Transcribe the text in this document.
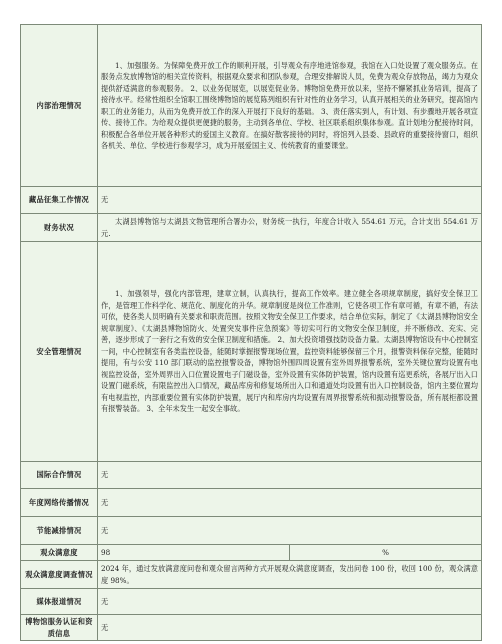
内部治理情况	1、加强服务。为保障免费开放工作的顺利开展，引导观众有序地进馆参观，我馆在入口处设置了观众服务点。在服务点发放博物馆的相关宣传资料，根据观众要求和团队参观，合理安排解说人员，免费为观众存放物品，竭力为观众提供舒适满意的参观服务。 2、以业务促展览，以展览促业务。博物馆免费开放以来，坚持不懈紧抓业务培训，提高了接待水平。经常性组织全馆职工围绕博物馆的展览陈列组织有针对性的业务学习，认真开展相关的业务研究，提高馆内职工的业务能力，从而为免费开放工作的深入开展打下良好的基础。 3、责任落实到人，有计划、有步骤地开展各项宣传、接待工作。为给观众提供更便捷的服务，主动到各单位、学校、社区联系组织集体参观。直计划地分配接待时间，积极配合各单位开展各种形式的爱国主义教育。在搞好散客接待的同时，将馆列入县委、县政府的重要接待窗口，组织各机关、单位、学校进行参观学习，成为开展爱国主义、传统教育的重要课堂。	

藏品征集工作情况	无	
财务状况	太湖县博物馆与太湖县文物管理所合署办公，财务统一执行，年度合计收入 554.61 万元，合计支出 554.61 万元.	

安全管理情况	1、加强领导，强化内部管理，建章立制，认真执行，提高工作效率。建立健全各项规章制度，搞好安全保卫工作，是管理工作科学化、规范化、制度化的升华。规章制度是岗位工作准则，它使各项工作有章可循，有章不循，有法可依，使各类人员明确有关要求和职责范围。按照文物安全保卫工作要求，结合单位实际，制定了《太湖县博物馆安全规章制度》、《太湖县博物馆防火、处置突发事件应急预案》等切实可行的文物安全保卫制度，并不断修改、充实、完善，逐步形成了一套行之有效的安全保卫制度和措施。 2、加大投资增强技防设备力量。太湖县博物馆设有中心控制室一间，中心控制室有各类监控设备，能随时掌握报警现场位置，监控资料能够保留三个月，报警资料保存完整，能随时提用，有与公安 110 部门联动的监控报警设备，博物馆外围四周设置有室外周界报警系统，室外关键位置均设置有电视监控设备，室外周界出入口位置设置电子门磁设备，室外设置有实体防护装置，馆内设置有巡更系统，各展厅出入口设置门磁系统，有限监控出入口情况，藏品库房和修复场所出入口和通道处均设置有出入口控制设备，馆内主要位置均有电视监控，内部重要位置有实体防护装置，展厅内和库房内均设置有周界报警系统和振动报警设备，所有展柜都设置有报警装备。 3、全年未发生一起安全事故。	

国际合作情况	无	
年度网络传播情况	无	
节能减排情况	无	
观众满意度	98	%
观众满意度调查情况	2024 年，通过发放满意度问卷和观众留言两种方式开展观众满意度调查，发出问卷 100 份，收回 100 份，观众满意度 98%。	
媒体报道情况	无	
博物馆服务认证和资质信息	无	
